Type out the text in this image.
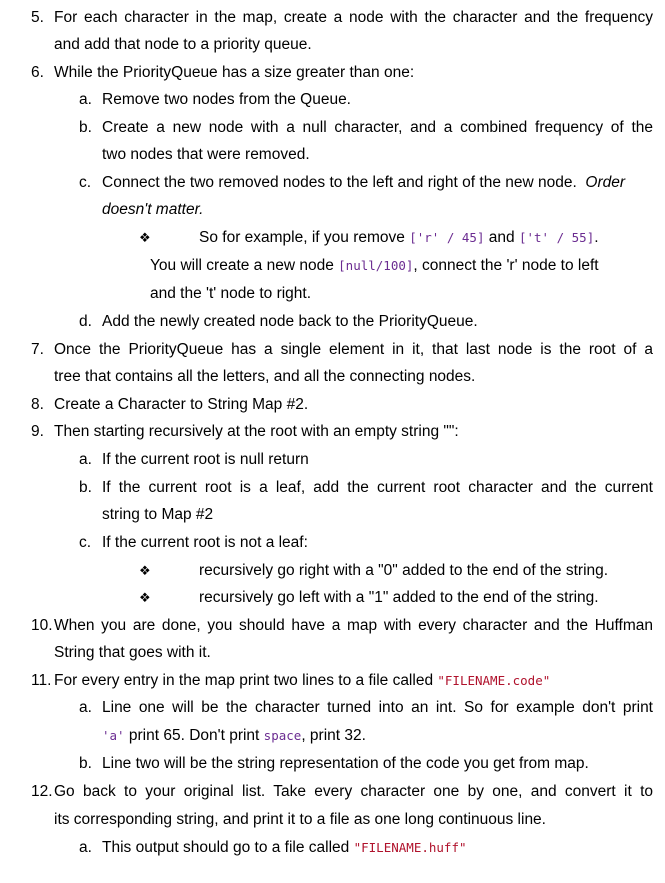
5. For each character in the map, create a node with the character and the frequency
and add that node to a priority queue.
6. While the PriorityQueue has a size greater than one:
a. Remove two nodes from the Queue.
b. Create a new node with a null character, and a combined frequency of the
two nodes that were removed.
c. Connect the two removed nodes to the left and right of the new node. Order
doesn't matter.
❖	So for example, if you remove ['r' / 45] and ['t' / 55].
You will create a new node [null/100], connect the 'r' node to left
and the 't' node to right.
d. Add the newly created node back to the PriorityQueue.
7. Once the PriorityQueue has a single element in it, that last node is the root of a
tree that contains all the letters, and all the connecting nodes.
8. Create a Character to String Map #2.
9. Then starting recursively at the root with an empty string "":
a. If the current root is null return
b. If the current root is a leaf, add the current root character and the current
string to Map #2
c. If the current root is not a leaf:
❖	recursively go right with a "0" added to the end of the string.
❖	recursively go left with a "1" added to the end of the string.
10. When you are done, you should have a map with every character and the Huffman
String that goes with it.
11. For every entry in the map print two lines to a file called "FILENAME.code"
a. Line one will be the character turned into an int. So for example don't print
'a' print 65. Don't print space, print 32.
b. Line two will be the string representation of the code you get from map.
12. Go back to your original list. Take every character one by one, and convert it to
its corresponding string, and print it to a file as one long continuous line.
a. This output should go to a file called "FILENAME.huff"
